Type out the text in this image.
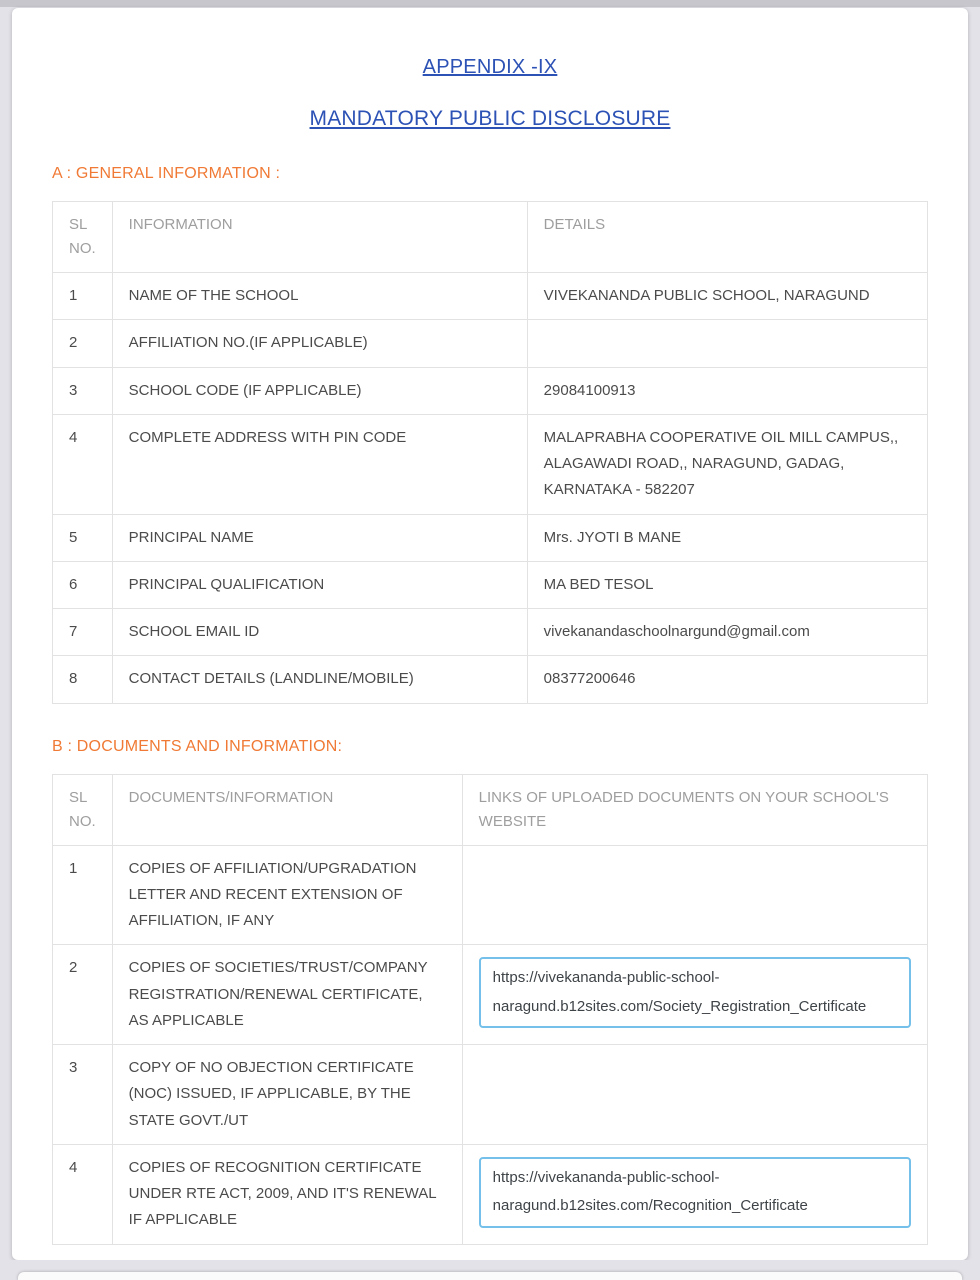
APPENDIX -IX
MANDATORY PUBLIC DISCLOSURE
A : GENERAL INFORMATION :
SL NO.	INFORMATION	DETAILS
1	NAME OF THE SCHOOL	VIVEKANANDA PUBLIC SCHOOL, NARAGUND
2	AFFILIATION NO.(IF APPLICABLE)	
3	SCHOOL CODE (IF APPLICABLE)	29084100913
4	COMPLETE ADDRESS WITH PIN CODE	MALAPRABHA COOPERATIVE OIL MILL CAMPUS,, ALAGAWADI ROAD,, NARAGUND, GADAG, KARNATAKA - 582207
5	PRINCIPAL NAME	Mrs. JYOTI B MANE
6	PRINCIPAL QUALIFICATION	MA BED TESOL
7	SCHOOL EMAIL ID	vivekanandaschoolnargund@gmail.com
8	CONTACT DETAILS (LANDLINE/MOBILE)	08377200646
B : DOCUMENTS AND INFORMATION:
SL NO.	DOCUMENTS/INFORMATION	LINKS OF UPLOADED DOCUMENTS ON YOUR SCHOOL'S WEBSITE
1	COPIES OF AFFILIATION/UPGRADATION LETTER AND RECENT EXTENSION OF AFFILIATION, IF ANY	
2	COPIES OF SOCIETIES/TRUST/COMPANY REGISTRATION/RENEWAL CERTIFICATE, AS APPLICABLE	https://vivekananda-public-school-naragund.b12sites.com/Society_Registration_Certificate

3	COPY OF NO OBJECTION CERTIFICATE (NOC) ISSUED, IF APPLICABLE, BY THE STATE GOVT./UT	
4	COPIES OF RECOGNITION CERTIFICATE UNDER RTE ACT, 2009, AND IT'S RENEWAL IF APPLICABLE	https://vivekananda-public-school-naragund.b12sites.com/Recognition_Certificate
